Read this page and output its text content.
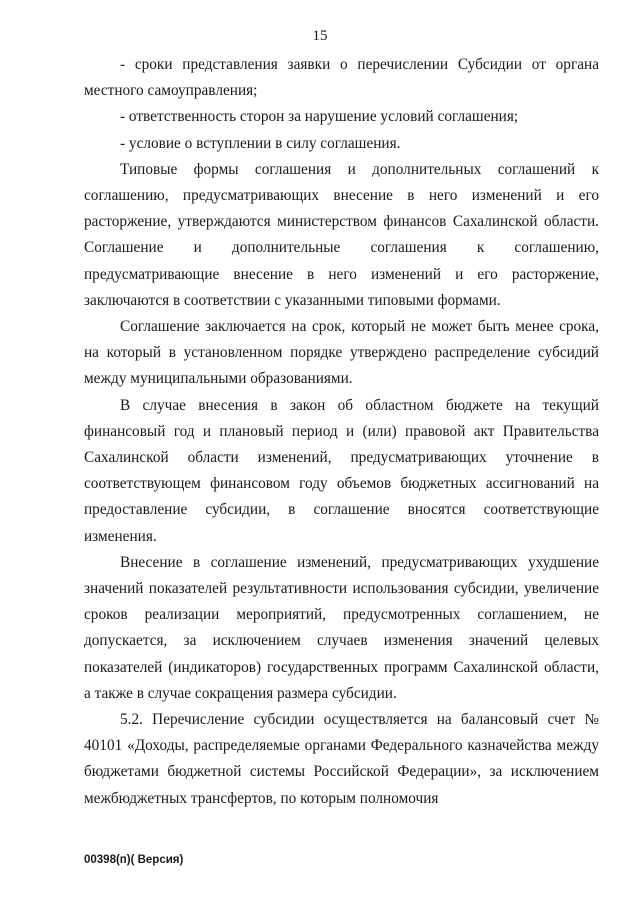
15

- сроки представления заявки о перечислении Субсидии от органа местного самоуправления;

- ответственность сторон за нарушение условий соглашения;

- условие о вступлении в силу соглашения.

Типовые формы соглашения и дополнительных соглашений к соглашению, предусматривающих внесение в него изменений и его расторжение, утверждаются министерством финансов Сахалинской области. Соглашение и дополнительные соглашения к соглашению, предусматривающие внесение в него изменений и его расторжение, заключаются в соответствии с указанными типовыми формами.

Соглашение заключается на срок, который не может быть менее срока, на который в установленном порядке утверждено распределение субсидий между муниципальными образованиями.

В случае внесения в закон об областном бюджете на текущий финансовый год и плановый период и (или) правовой акт Правительства Сахалинской области изменений, предусматривающих уточнение в соответствующем финансовом году объемов бюджетных ассигнований на предоставление субсидии, в соглашение вносятся соответствующие изменения.

Внесение в соглашение изменений, предусматривающих ухудшение значений показателей результативности использования субсидии, увеличение сроков реализации мероприятий, предусмотренных соглашением, не допускается, за исключением случаев изменения значений целевых показателей (индикаторов) государственных программ Сахалинской области, а также в случае сокращения размера субсидии.

5.2. Перечисление субсидии осуществляется на балансовый счет № 40101 «Доходы, распределяемые органами Федерального казначейства между бюджетами бюджетной системы Российской Федерации», за исключением межбюджетных трансфертов, по которым полномочия

00398(п)( Версия)
